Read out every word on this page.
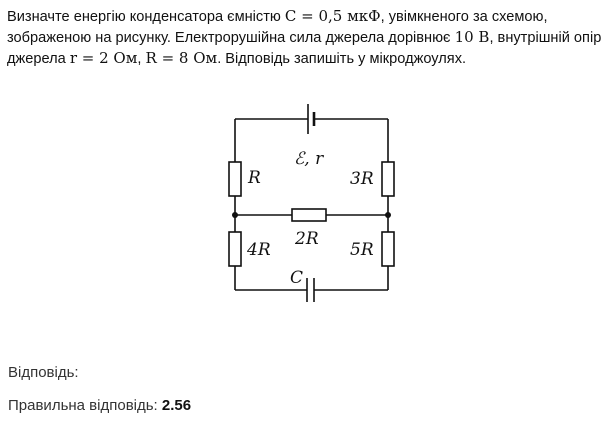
Визначте енергію конденсатора ємністю C = 0,5 мкФ, увімкненого за схемою, зображеною на рисунку. Електрорушійна сила джерела дорівнює 10 В, внутрішній опір джерела r = 2 Ом, R = 8 Ом. Відповідь запишіть у мікроджоулях.
ℰ, r
R	3R
2R
4R	5R
C
Відповідь:
Правильна відповідь: 2.56
